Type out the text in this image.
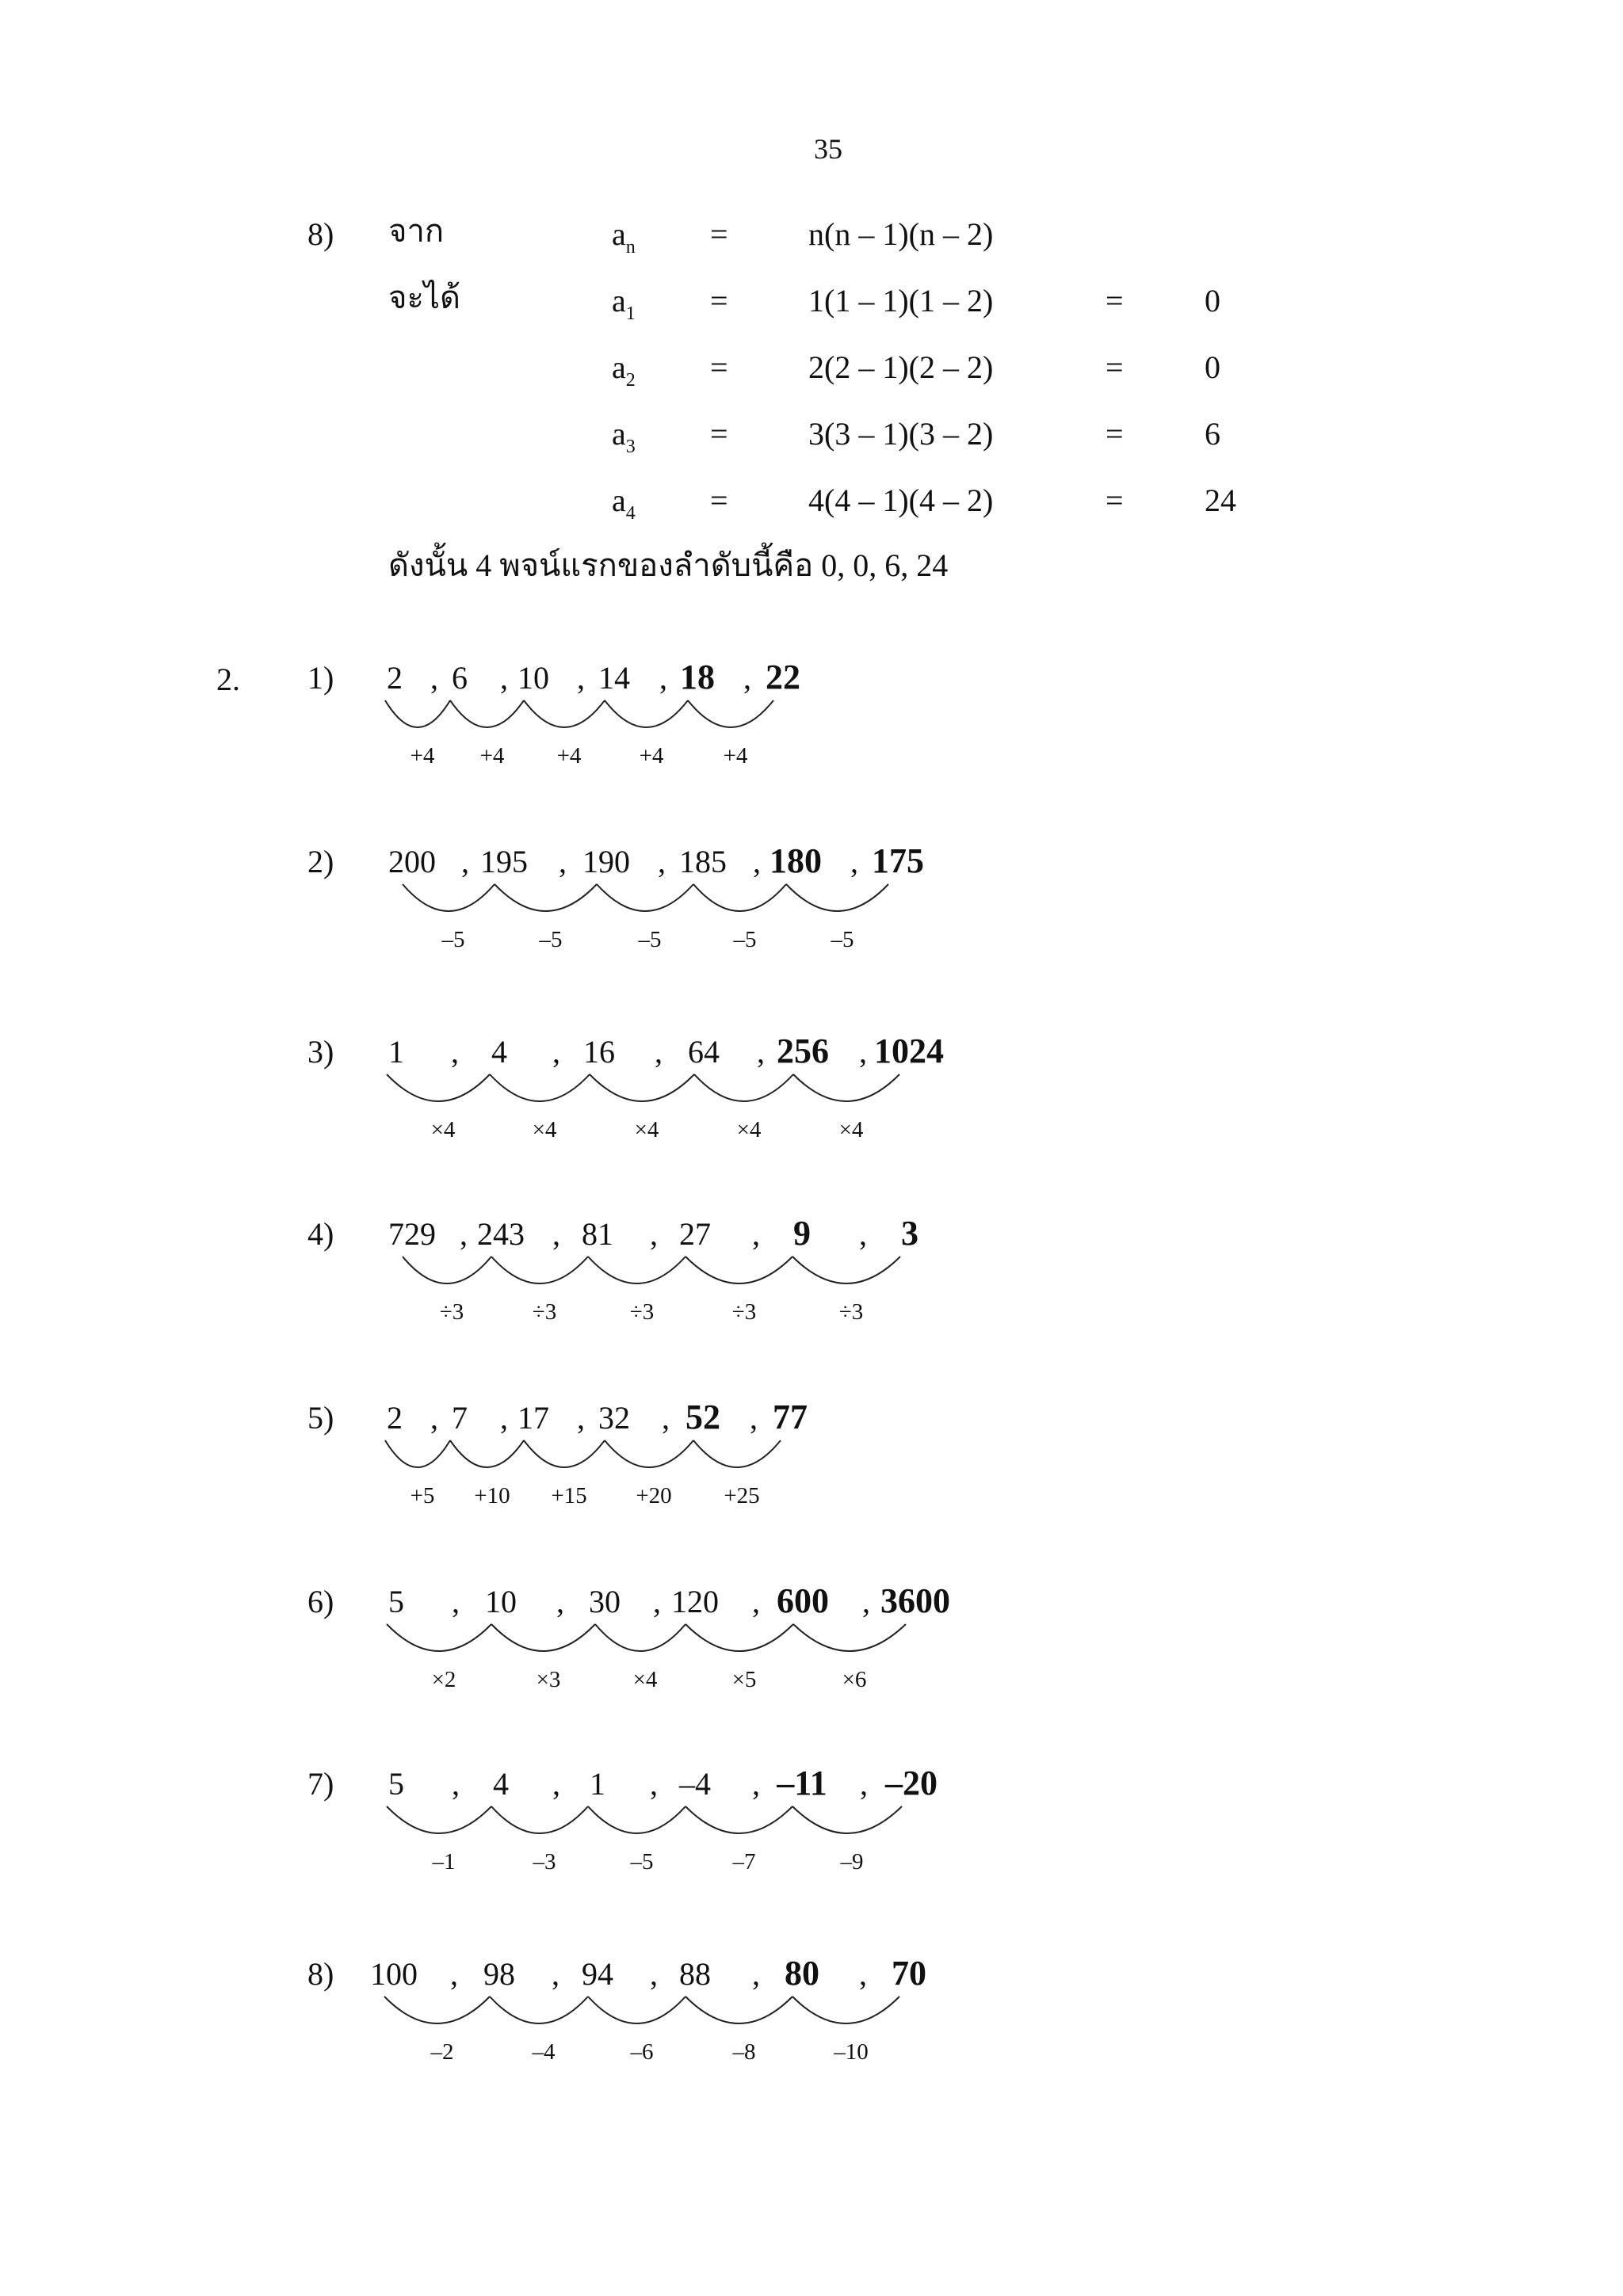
35
8) จาก
จะได้
$a_n$ =	n(n – 1)(n – 2)
$a_1$ =	1(1 – 1)(1 – 2)	=	0
$a_2$ =	2(2 – 1)(2 – 2)	=	0
$a_3$ =	3(3 – 1)(3 – 2)	=	6
$a_4$ =	4(4 – 1)(4 – 2)	=	24
ดังนั้น 4 พจน์แรกของลำดับนี้คือ 0, 0, 6, 24
2. 1) 2 , 6 , 10 , 14 , 18 , 22
+4 +4 +4	+4	+4
2) 200 , 195 , 190 , 185 , 180 , 175
–5	–5	–5	–5	–5
3) 1 , 4 , 16 , 64 , 256 , 1024
×4	×4	×4	×4	×4
4) 729 , 243 , 81 , 27 , 9 , 3
÷3	÷3	÷3	÷3	÷3
5) 2 , 7 , 17 , 32 , 52 , 77
+5 +10 +15 +20 +25
6) 5 , 10 , 30 , 120 , 600 , 3600
×2	×3	×4	×5	×6
7) 5 , 4 , 1 , –4 , –11 , –20
–1	–3	–5	–7	–9
8) 100 , 98 , 94 , 88 , 80 , 70
–2	–4	–6	–8	–10
